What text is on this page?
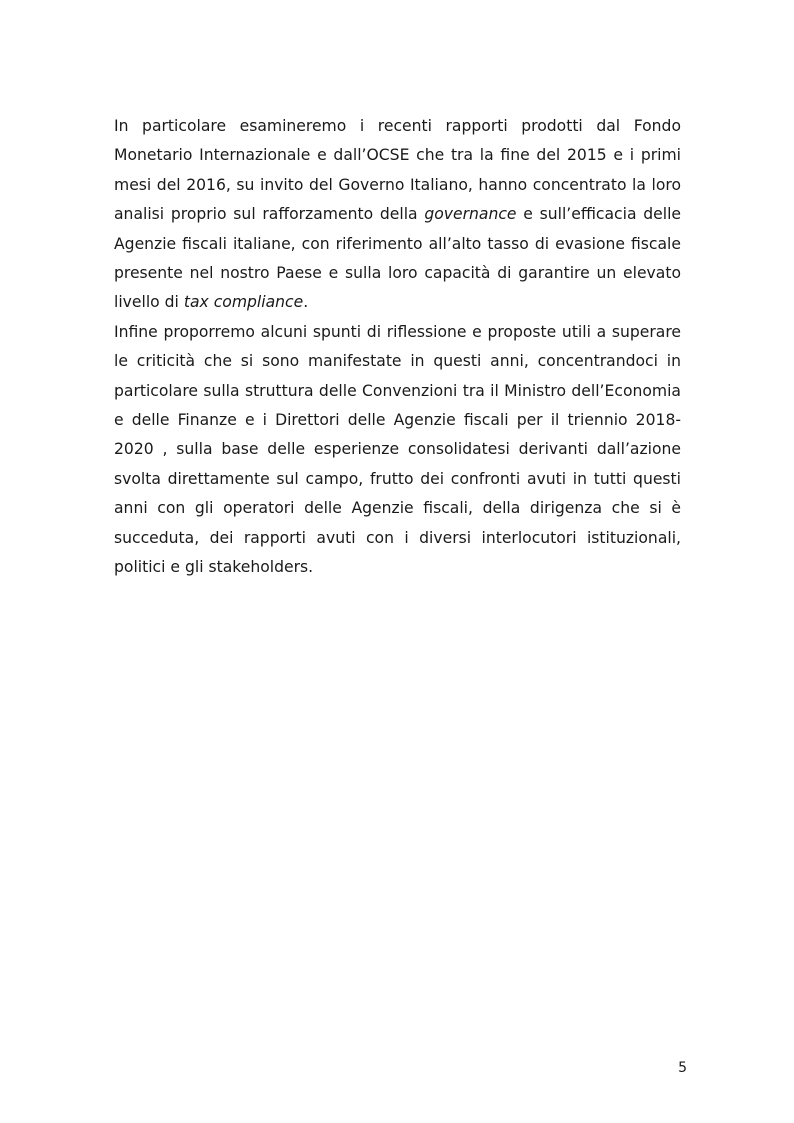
In particolare esamineremo i recenti rapporti prodotti dal Fondo Monetario Internazionale e dall’OCSE che tra la fine del 2015 e i primi mesi del 2016, su invito del Governo Italiano, hanno concentrato la loro analisi proprio sul rafforzamento della governance e sull’efficacia delle Agenzie fiscali italiane, con riferimento all’alto tasso di evasione fiscale presente nel nostro Paese e sulla loro capacità di garantire un elevato livello di tax compliance.

Infine proporremo alcuni spunti di riflessione e proposte utili a superare le criticità che si sono manifestate in questi anni, concentrandoci in particolare sulla struttura delle Convenzioni tra il Ministro dell’Economia e delle Finanze e i Direttori delle Agenzie fiscali per il triennio 2018- 2020 , sulla base delle esperienze consolidatesi derivanti dall’azione svolta direttamente sul campo, frutto dei confronti avuti in tutti questi anni con gli operatori delle Agenzie fiscali, della dirigenza che si è succeduta, dei rapporti avuti con i diversi interlocutori istituzionali, politici e gli stakeholders.

5
